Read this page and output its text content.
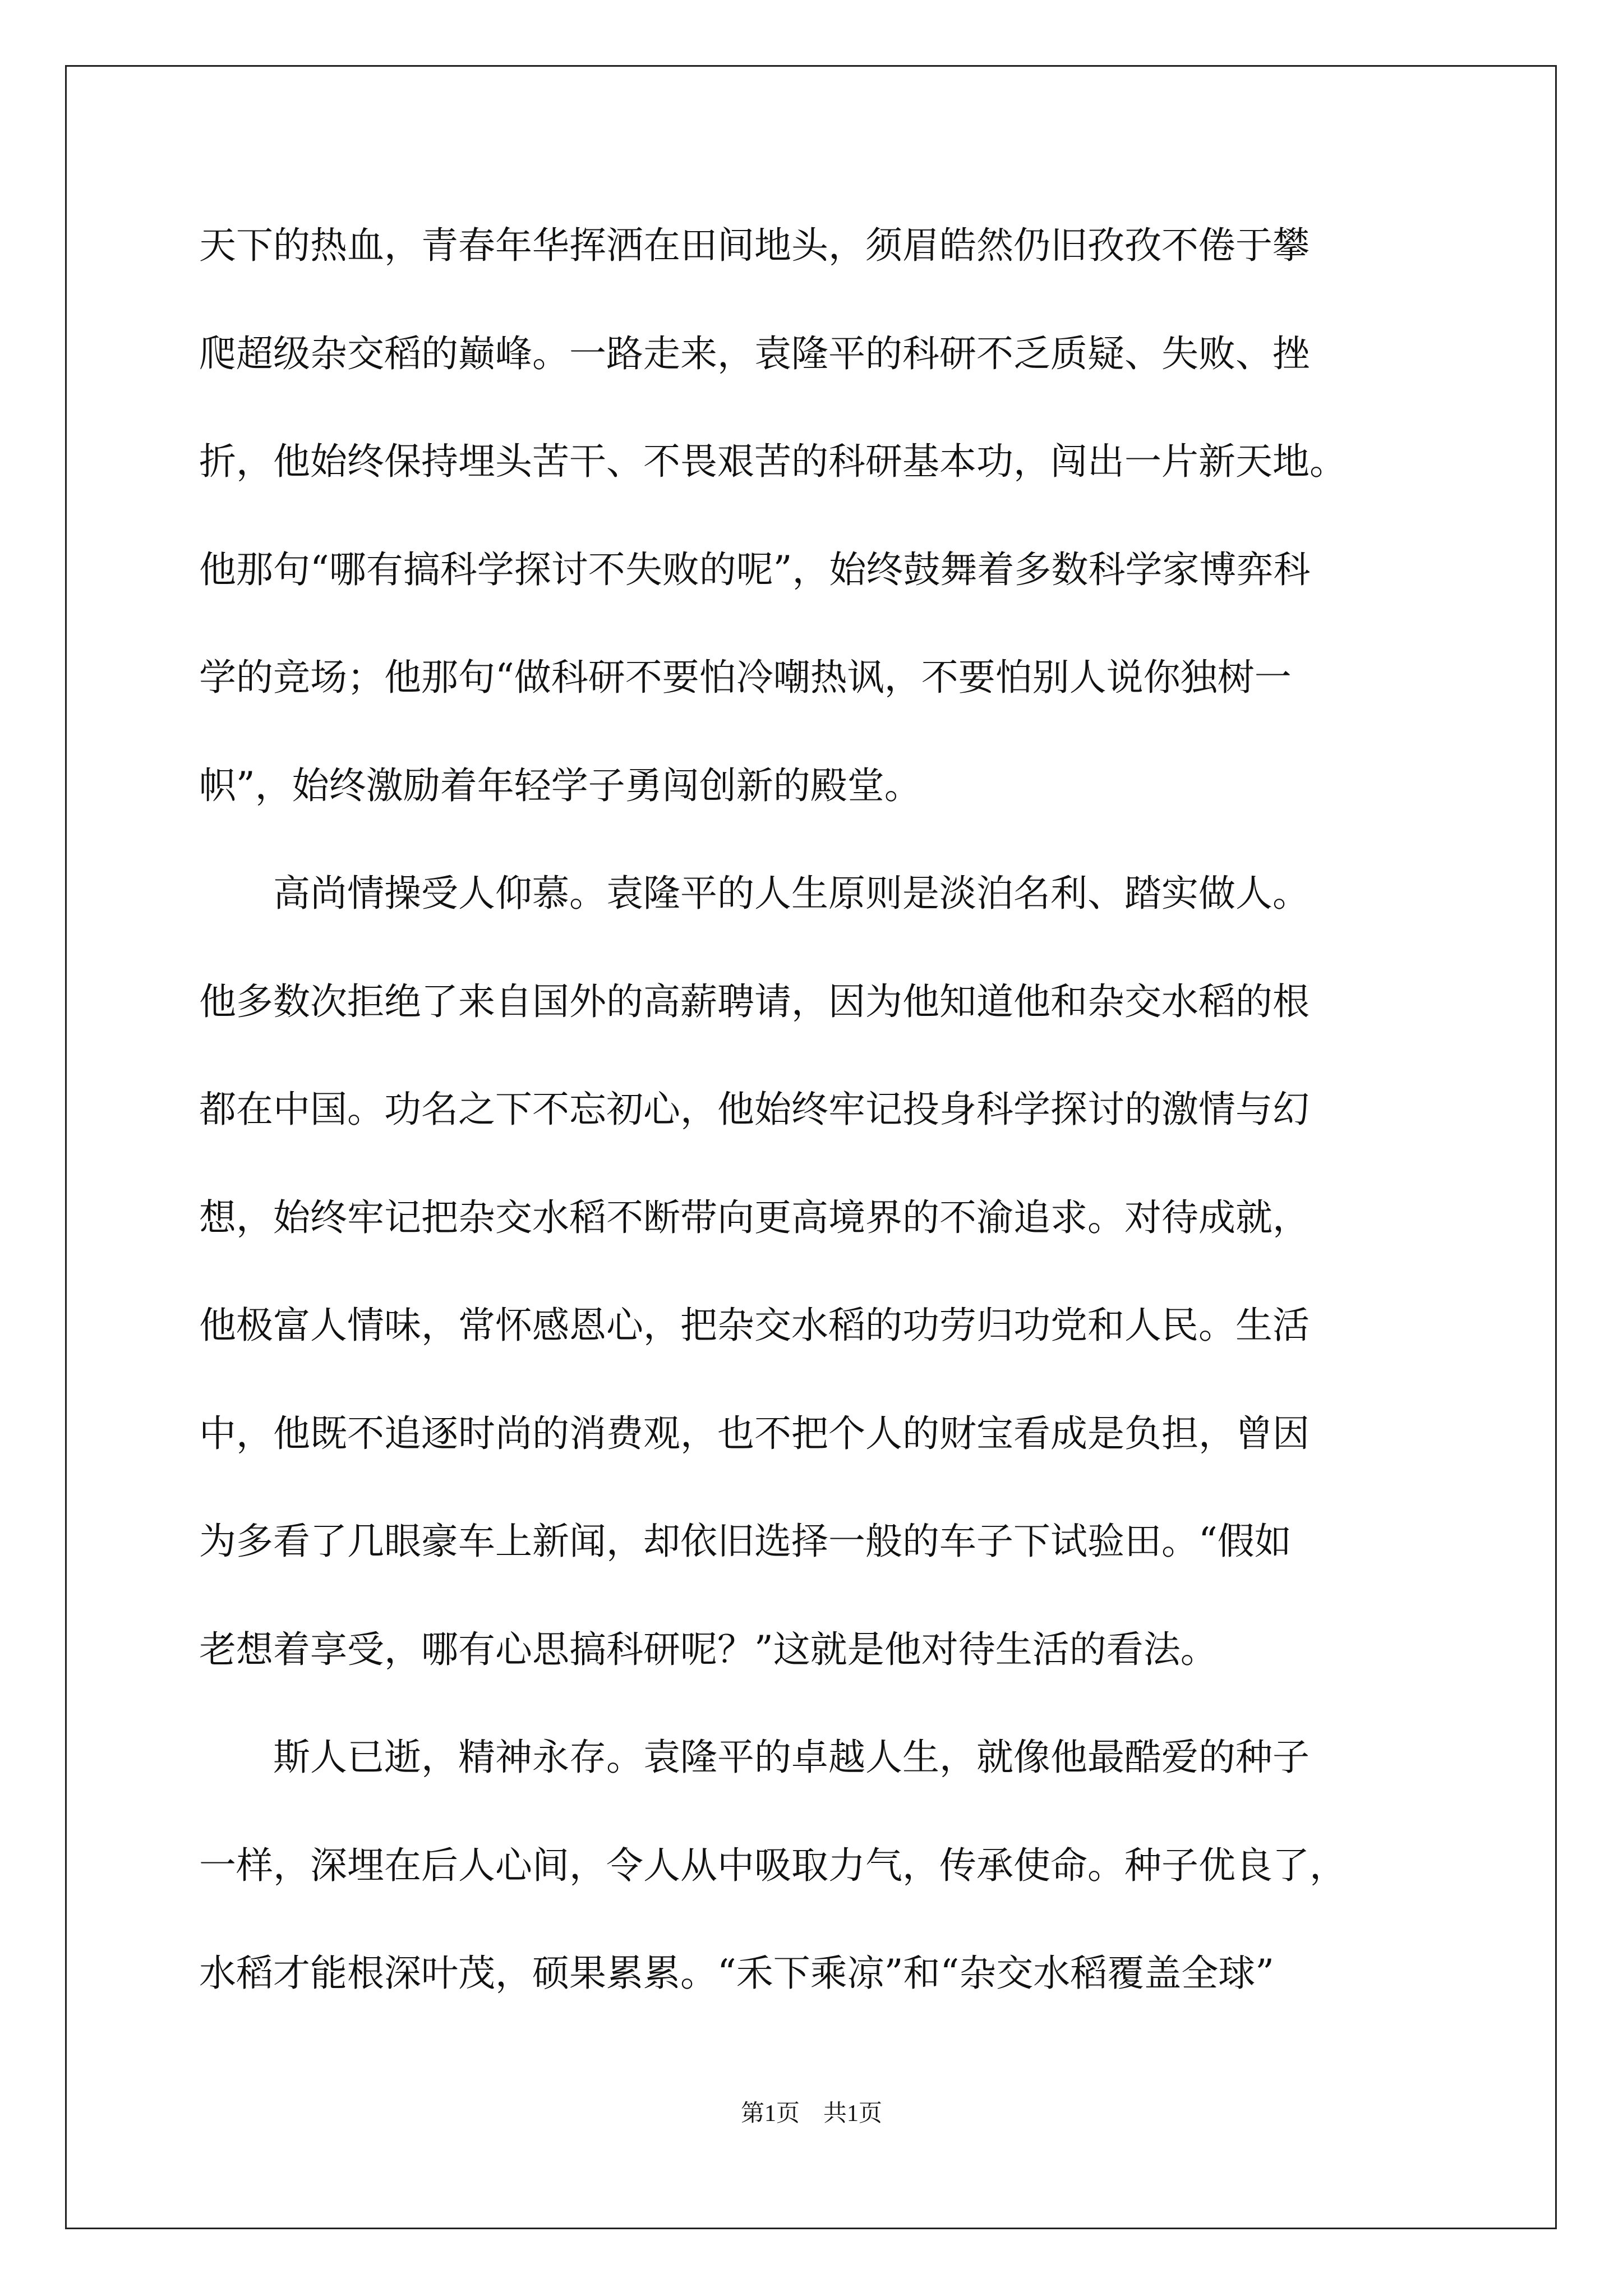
天下的热血，青春年华挥洒在田间地头，须眉皓然仍旧孜孜不倦于攀

爬超级杂交稻的巅峰。一路走来，袁隆平的科研不乏质疑、失败、挫

折，他始终保持埋头苦干、不畏艰苦的科研基本功，闯出一片新天地。

他那句“哪有搞科学探讨不失败的呢”，始终鼓舞着多数科学家博弈科

学的竞场；他那句“做科研不要怕冷嘲热讽，不要怕别人说你独树一

帜”，始终激励着年轻学子勇闯创新的殿堂。

　　高尚情操受人仰慕。袁隆平的人生原则是淡泊名利、踏实做人。

他多数次拒绝了来自国外的高薪聘请，因为他知道他和杂交水稻的根

都在中国。功名之下不忘初心，他始终牢记投身科学探讨的激情与幻

想，始终牢记把杂交水稻不断带向更高境界的不渝追求。对待成就，

他极富人情味，常怀感恩心，把杂交水稻的功劳归功党和人民。生活

中，他既不追逐时尚的消费观，也不把个人的财宝看成是负担，曾因

为多看了几眼豪车上新闻，却依旧选择一般的车子下试验田。“假如

老想着享受，哪有心思搞科研呢？”这就是他对待生活的看法。

　　斯人已逝，精神永存。袁隆平的卓越人生，就像他最酷爱的种子

一样，深埋在后人心间，令人从中吸取力气，传承使命。种子优良了，

水稻才能根深叶茂，硕果累累。“禾下乘凉”和“杂交水稻覆盖全球”

第1页　共1页
